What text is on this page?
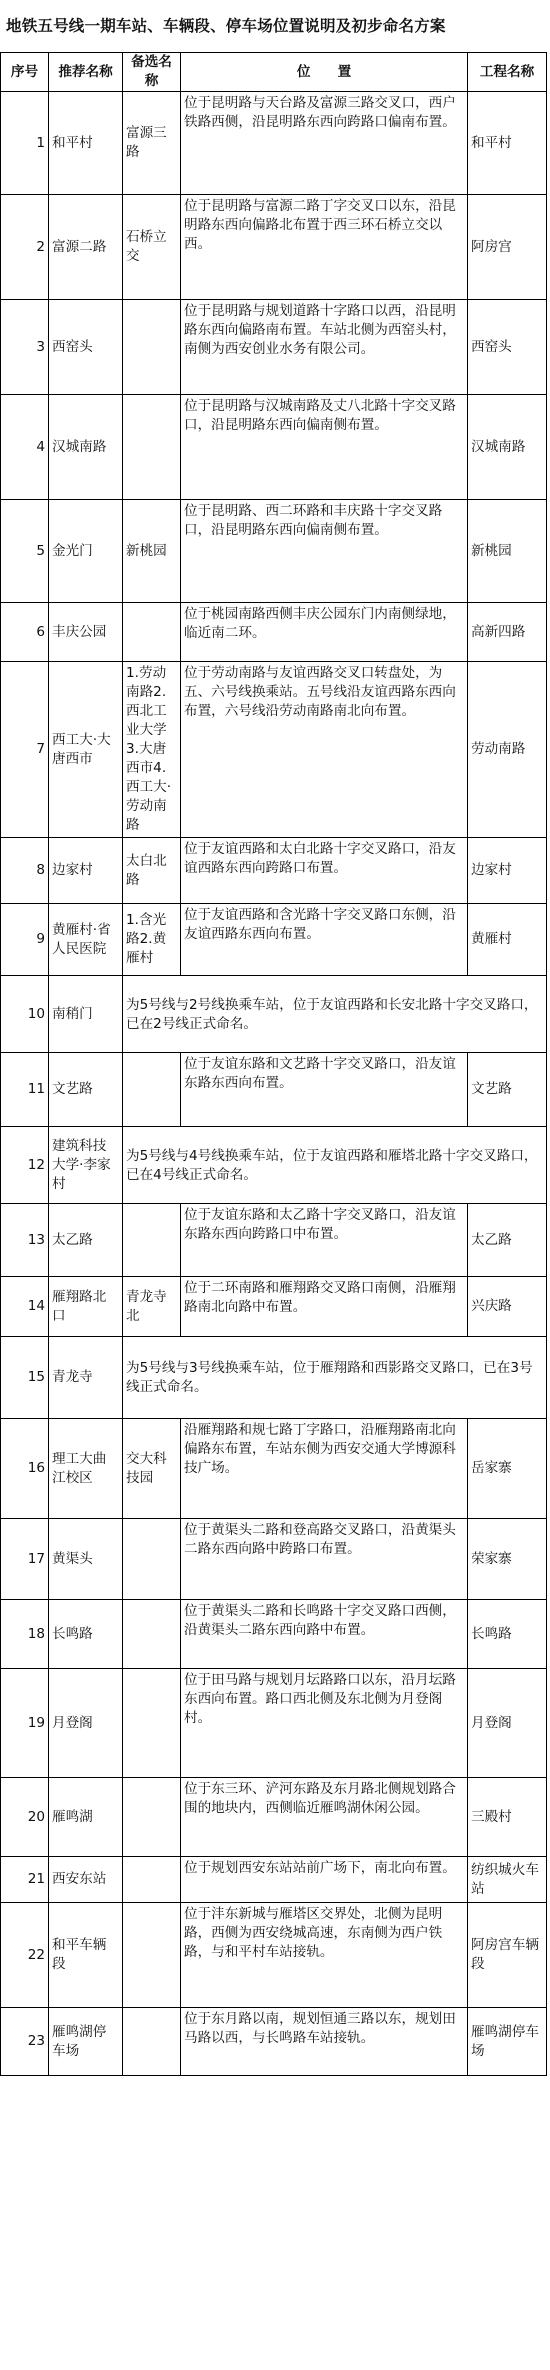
地铁五号线一期车站、车辆段、停车场位置说明及初步命名方案
序号	推荐名称	备选名称	位　　置	工程名称
1	和平村	富源三路	位于昆明路与天台路及富源三路交叉口，西户铁路西侧，沿昆明路东西向跨路口偏南布置。	和平村
2	富源二路	石桥立交	位于昆明路与富源二路丁字交叉口以东，沿昆明路东西向偏路北布置于西三环石桥立交以西。	阿房宫
3	西窑头		位于昆明路与规划道路十字路口以西，沿昆明路东西向偏路南布置。车站北侧为西窑头村，南侧为西安创业水务有限公司。	西窑头
4	汉城南路		位于昆明路与汉城南路及丈八北路十字交叉路口，沿昆明路东西向偏南侧布置。	汉城南路
5	金光门	新桃园	位于昆明路、西二环路和丰庆路十字交叉路口，沿昆明路东西向偏南侧布置。	新桃园
6	丰庆公园		位于桃园南路西侧丰庆公园东门内南侧绿地，临近南二环。	高新四路
7	西工大·大唐西市	1.劳动南路2.西北工业大学3.大唐西市4.西工大·劳动南路	位于劳动南路与友谊西路交叉口转盘处，为五、六号线换乘站。五号线沿友谊西路东西向布置，六号线沿劳动南路南北向布置。	劳动南路
8	边家村	太白北路	位于友谊西路和太白北路十字交叉路口，沿友谊西路东西向跨路口布置。	边家村
9	黄雁村·省人民医院	1.含光路2.黄雁村	位于友谊西路和含光路十字交叉路口东侧，沿友谊西路东西向布置。	黄雁村
10	南稍门	为5号线与2号线换乘车站，位于友谊西路和长安北路十字交叉路口，已在2号线正式命名。		
11	文艺路		位于友谊东路和文艺路十字交叉路口，沿友谊东路东西向布置。	文艺路
12	建筑科技大学·李家村	为5号线与4号线换乘车站，位于友谊西路和雁塔北路十字交叉路口，已在4号线正式命名。		
13	太乙路		位于友谊东路和太乙路十字交叉路口，沿友谊东路东西向跨路口中布置。	太乙路
14	雁翔路北口	青龙寺北	位于二环南路和雁翔路交叉路口南侧，沿雁翔路南北向路中布置。	兴庆路
15	青龙寺	为5号线与3号线换乘车站，位于雁翔路和西影路交叉路口，已在3号线正式命名。		
16	理工大曲江校区	交大科技园	沿雁翔路和规七路丁字路口，沿雁翔路南北向偏路东布置，车站东侧为西安交通大学博源科技广场。	岳家寨
17	黄渠头		位于黄渠头二路和登高路交叉路口，沿黄渠头二路东西向路中跨路口布置。	荣家寨
18	长鸣路		位于黄渠头二路和长鸣路十字交叉路口西侧，沿黄渠头二路东西向路中布置。	长鸣路
19	月登阁		位于田马路与规划月坛路路口以东，沿月坛路东西向布置。路口西北侧及东北侧为月登阁村。	月登阁
20	雁鸣湖		位于东三环、浐河东路及东月路北侧规划路合围的地块内，西侧临近雁鸣湖休闲公园。	三殿村
21	西安东站		位于规划西安东站站前广场下，南北向布置。	纺织城火车站
22	和平车辆段		位于沣东新城与雁塔区交界处，北侧为昆明路，西侧为西安绕城高速，东南侧为西户铁路，与和平村车站接轨。	阿房宫车辆段
23	雁鸣湖停车场		位于东月路以南，规划恒通三路以东，规划田马路以西，与长鸣路车站接轨。	雁鸣湖停车场
